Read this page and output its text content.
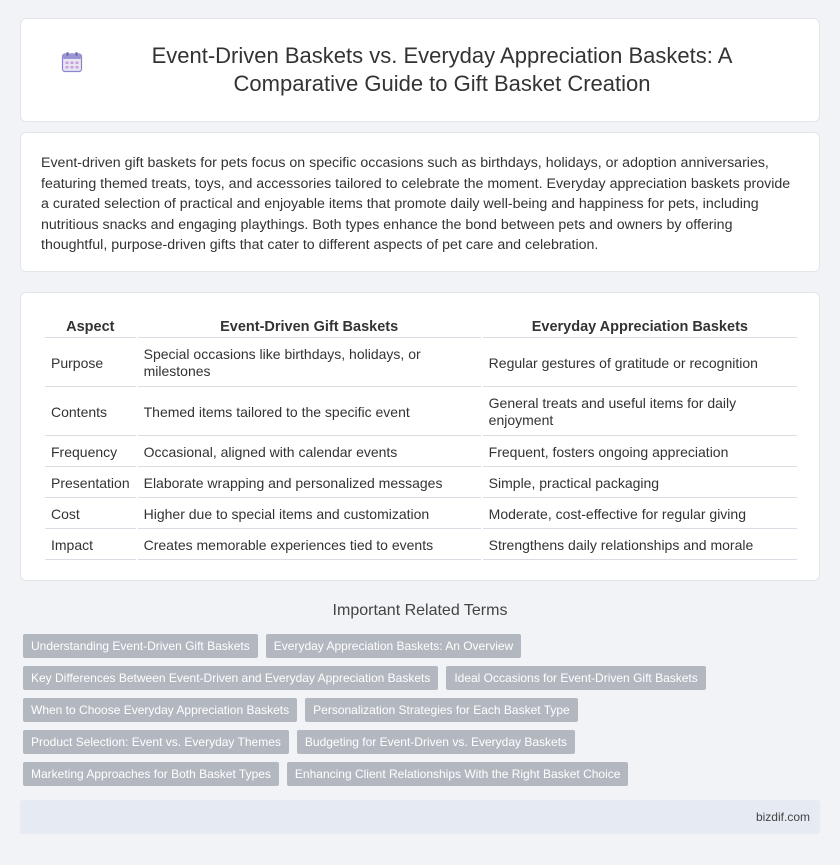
Event-Driven Baskets vs. Everyday Appreciation Baskets: A Comparative Guide to Gift Basket Creation

Event-driven gift baskets for pets focus on specific occasions such as birthdays, holidays, or adoption anniversaries, featuring themed treats, toys, and accessories tailored to celebrate the moment. Everyday appreciation baskets provide a curated selection of practical and enjoyable items that promote daily well-being and happiness for pets, including nutritious snacks and engaging playthings. Both types enhance the bond between pets and owners by offering thoughtful, purpose-driven gifts that cater to different aspects of pet care and celebration.

Aspect	Event-Driven Gift Baskets	Everyday Appreciation Baskets
Purpose	Special occasions like birthdays, holidays, or milestones	Regular gestures of gratitude or recognition
Contents	Themed items tailored to the specific event	General treats and useful items for daily enjoyment
Frequency	Occasional, aligned with calendar events	Frequent, fosters ongoing appreciation
Presentation	Elaborate wrapping and personalized messages	Simple, practical packaging
Cost	Higher due to special items and customization	Moderate, cost-effective for regular giving
Impact	Creates memorable experiences tied to events	Strengthens daily relationships and morale
Important Related Terms
Understanding Event-Driven Gift Baskets	Everyday Appreciation Baskets: An Overview
Key Differences Between Event-Driven and Everyday Appreciation Baskets	Ideal Occasions for Event-Driven Gift Baskets
When to Choose Everyday Appreciation Baskets	Personalization Strategies for Each Basket Type
Product Selection: Event vs. Everyday Themes	Budgeting for Event-Driven vs. Everyday Baskets
Marketing Approaches for Both Basket Types	Enhancing Client Relationships With the Right Basket Choice
bizdif.com
